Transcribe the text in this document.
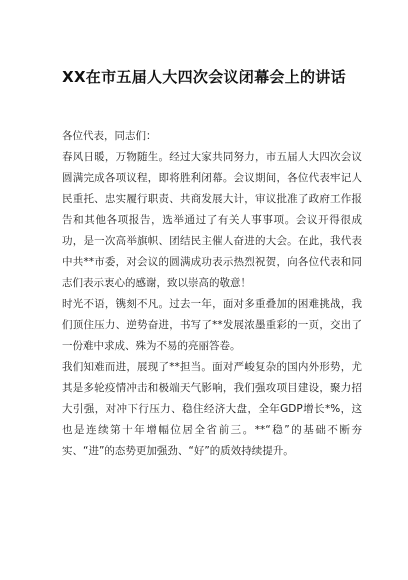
XX在市五届人大四次会议闭幕会上的讲话

各位代表，同志们：

春风日暖，万物随生。经过大家共同努力，市五届人大四次会议圆满完成各项议程，即将胜利闭幕。会议期间，各位代表牢记人民重托、忠实履行职责、共商发展大计，审议批准了政府工作报告和其他各项报告，选举通过了有关人事事项。会议开得很成功，是一次高举旗帜、团结民主催人奋进的大会。在此，我代表中共**市委，对会议的圆满成功表示热烈祝贺，向各位代表和同志们表示衷心的感谢，致以崇高的敬意！

时光不语，镌刻不凡。过去一年，面对多重叠加的困难挑战，我们顶住压力、逆势奋进，书写了**发展浓墨重彩的一页，交出了一份难中求成、殊为不易的亮丽答卷。

我们知难而进，展现了**担当。面对严峻复杂的国内外形势，尤其是多轮疫情冲击和极端天气影响，我们强攻项目建设，聚力招大引强，对冲下行压力、稳住经济大盘，全年GDP增长*%，这也是连续第十年增幅位居全省前三。**“稳”的基础不断夯实、“进”的态势更加强劲、“好”的质效持续提升。
